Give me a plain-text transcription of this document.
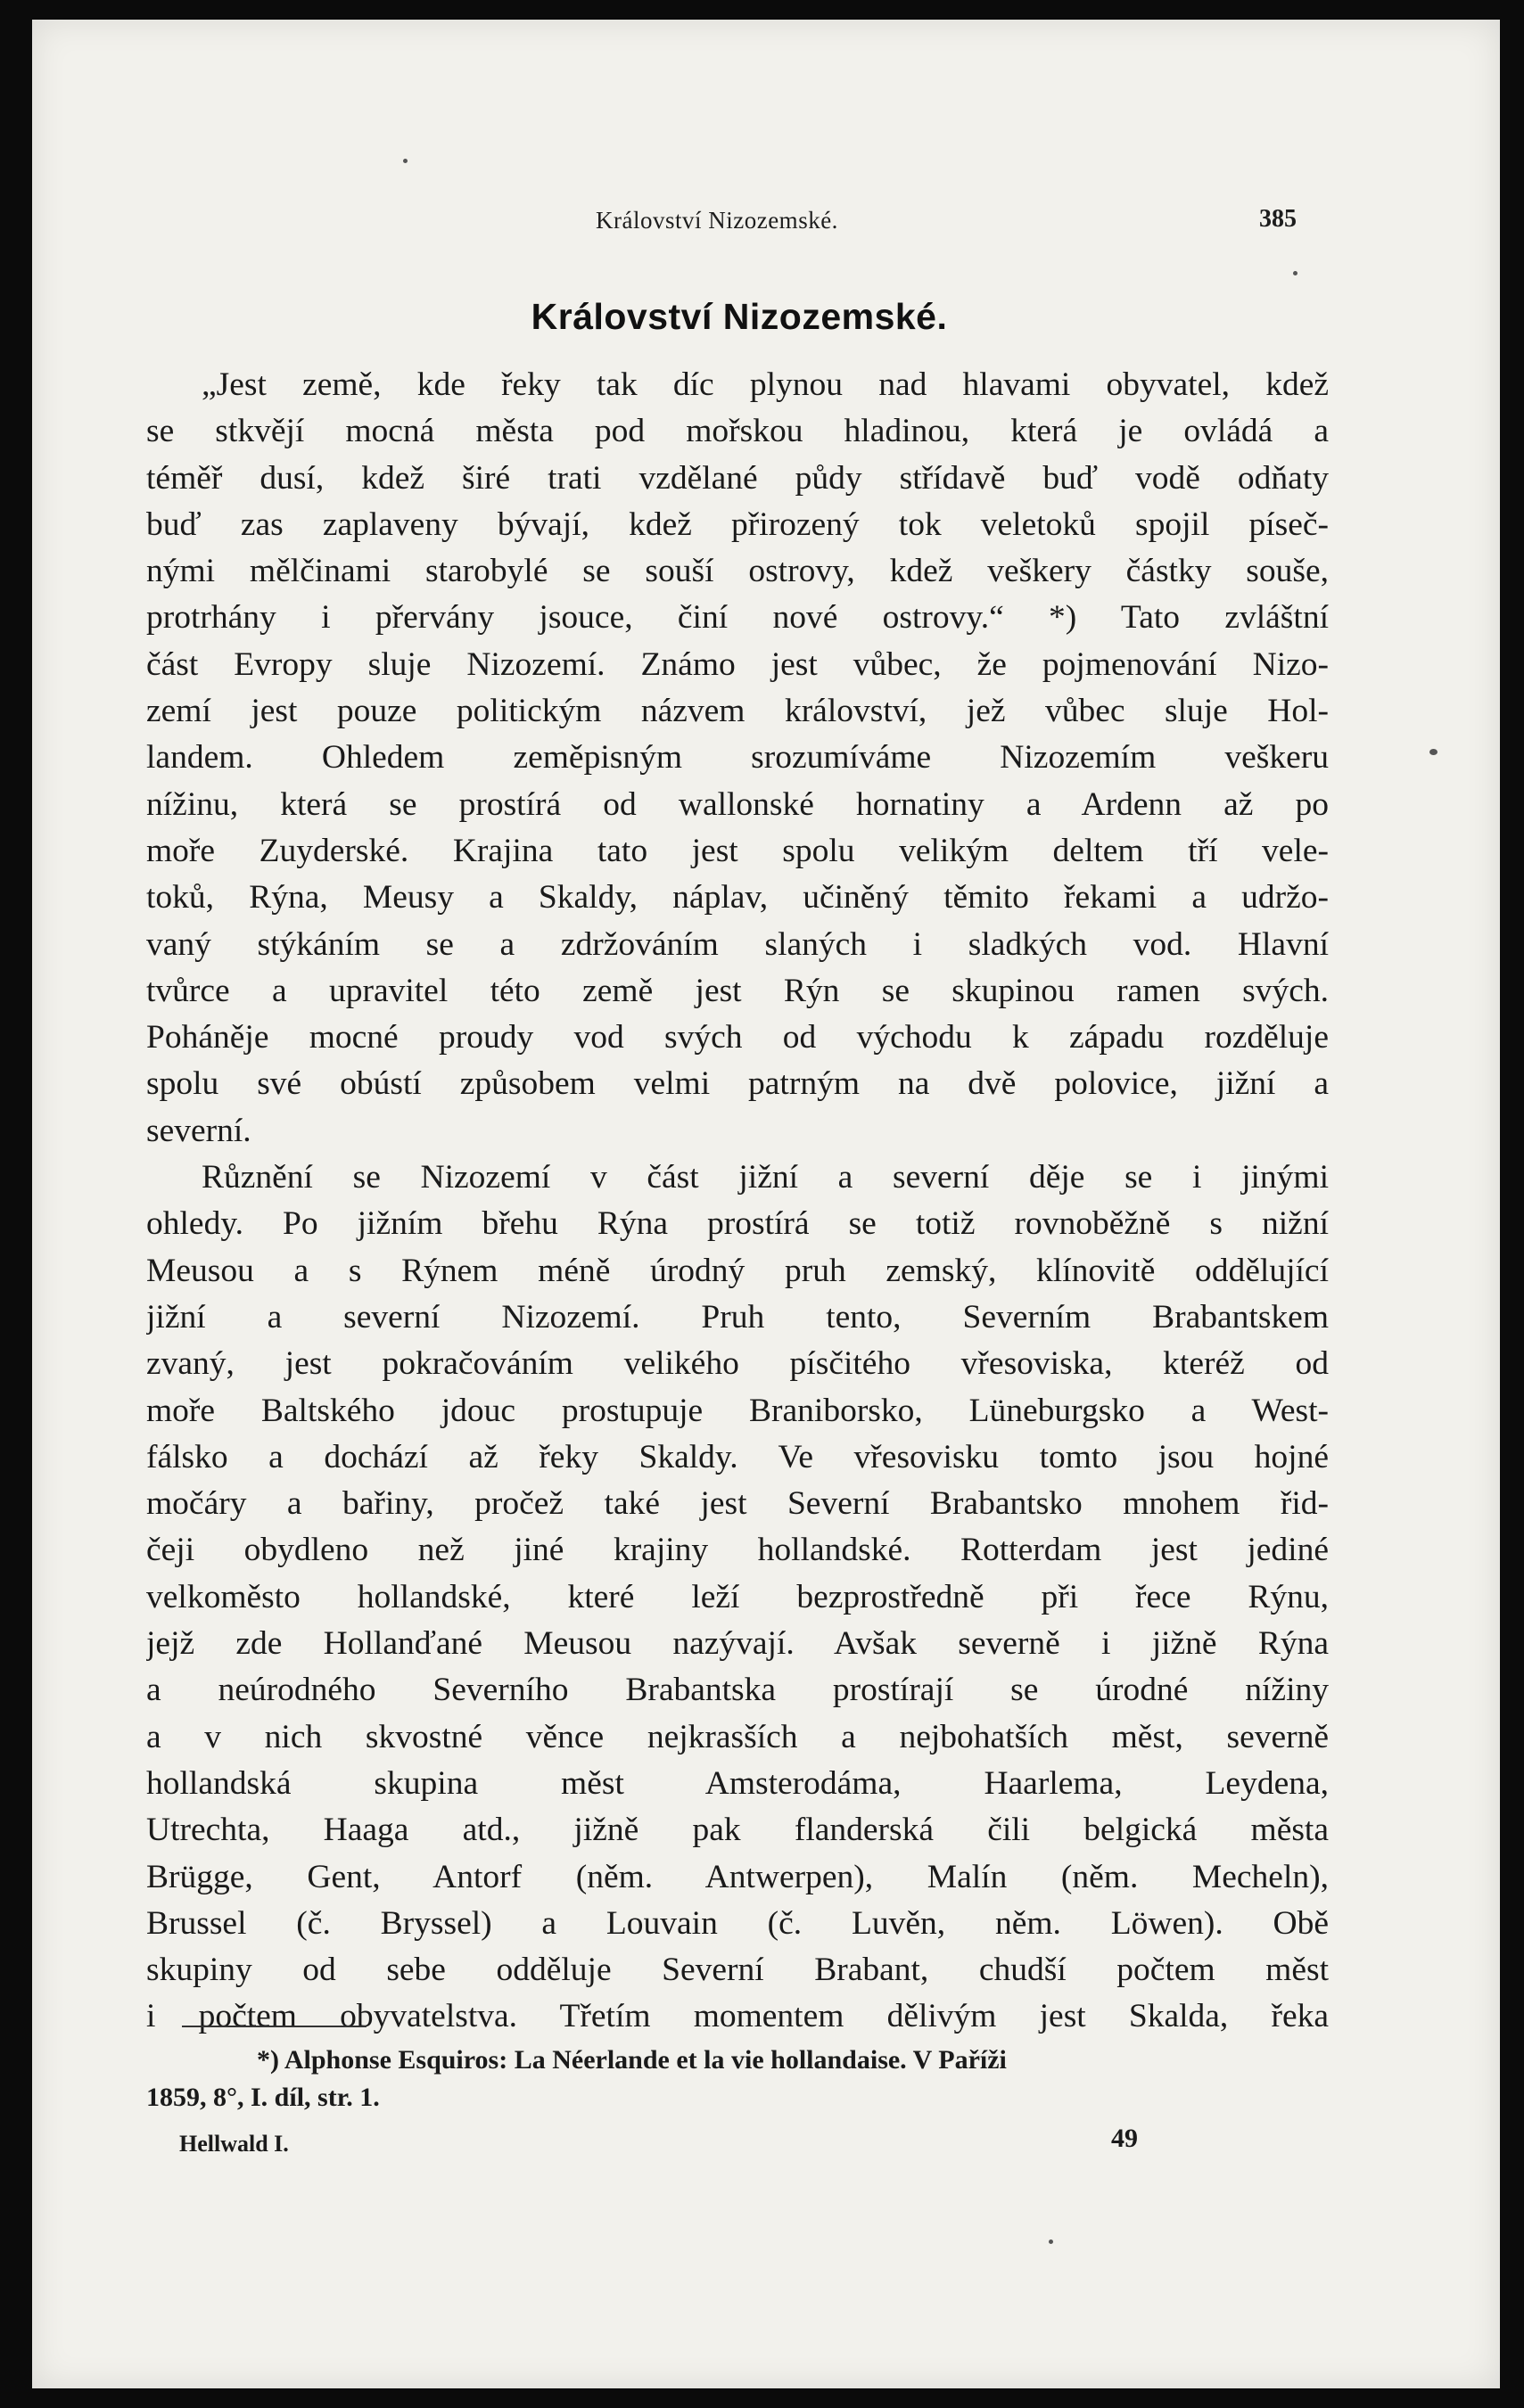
Království Nizozemské.	385
Království Nizozemské.
„Jest země, kde řeky tak díc plynou nad hlavami obyvatel, kdež
se stkvějí mocná města pod mořskou hladinou, která je ovládá a
téměř dusí, kdež širé trati vzdělané půdy střídavě buď vodě odňaty
buď zas zaplaveny bývají, kdež přirozený tok veletoků spojil píseč-
nými mělčinami starobylé se souší ostrovy, kdež veškery částky souše,
protrhány i přervány jsouce, činí nové ostrovy.“ *) Tato zvláštní
část Evropy sluje Nizozemí. Známo jest vůbec, že pojmenování Nizo-
zemí jest pouze politickým názvem království, jež vůbec sluje Hol-
landem. Ohledem zeměpisným srozumíváme Nizozemím veškeru
nížinu, která se prostírá od wallonské hornatiny a Ardenn až po
moře Zuyderské. Krajina tato jest spolu velikým deltem tří vele-
toků, Rýna, Meusy a Skaldy, náplav, učiněný těmito řekami a udržo-
vaný stýkáním se a zdržováním slaných i sladkých vod. Hlavní
tvůrce a upravitel této země jest Rýn se skupinou ramen svých.
Poháněje mocné proudy vod svých od východu k západu rozděluje
spolu své obústí způsobem velmi patrným na dvě polovice, jižní a
severní.
Různění se Nizozemí v část jižní a severní děje se i jinými
ohledy. Po jižním břehu Rýna prostírá se totiž rovnoběžně s nižní
Meusou a s Rýnem méně úrodný pruh zemský, klínovitě oddělující
jižní a severní Nizozemí. Pruh tento, Severním Brabantskem
zvaný, jest pokračováním velikého písčitého vřesoviska, kteréž od
moře Baltského jdouc prostupuje Braniborsko, Lüneburgsko a West-
fálsko a dochází až řeky Skaldy. Ve vřesovisku tomto jsou hojné
močáry a bařiny, pročež také jest Severní Brabantsko mnohem řid-
čeji obydleno než jiné krajiny hollandské. Rotterdam jest jediné
velkoměsto hollandské, které leží bezprostředně při řece Rýnu,
jejž zde Hollanďané Meusou nazývají. Avšak severně i jižně Rýna
a neúrodného Severního Brabantska prostírají se úrodné nížiny
a v nich skvostné věnce nejkrasších a nejbohatších měst, severně
hollandská skupina měst Amsterodáma, Haarlema, Leydena,
Utrechta, Haaga atd., jižně pak flanderská čili belgická města
Brügge, Gent, Antorf (něm. Antwerpen), Malín (něm. Mecheln),
Brussel (č. Bryssel) a Louvain (č. Luvěn, něm. Löwen). Obě
skupiny od sebe odděluje Severní Brabant, chudší počtem měst
i počtem obyvatelstva. Třetím momentem dělivým jest Skalda, řeka
*) Alphonse Esquiros: La Néerlande et la vie hollandaise. V Paříži
1859, 8°, I. díl, str. 1.
Hellwald I.	49
